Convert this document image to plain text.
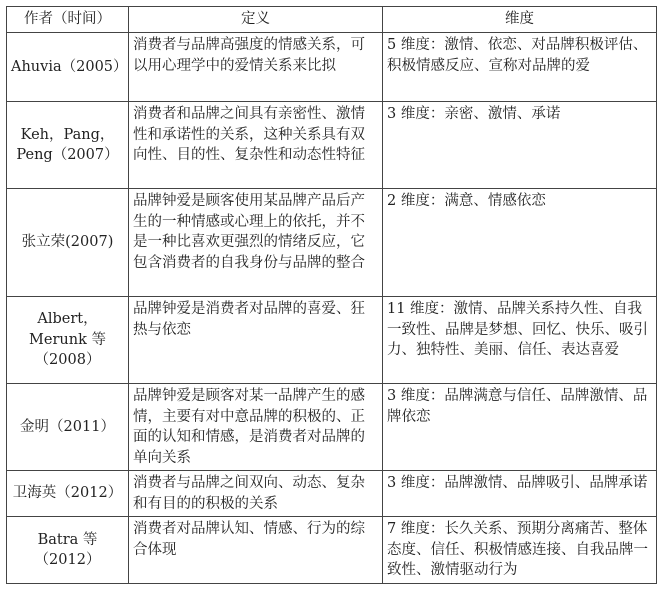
作者（时间）	定义	维度
Ahuvia（2005）	消费者与品牌高强度的情感关系，可以用心理学中的爱情关系来比拟	5 维度：激情、依恋、对品牌积极评估、积极情感反应、宣称对品牌的爱
Keh，Pang，Peng（2007）	消费者和品牌之间具有亲密性、激情性和承诺性的关系，这种关系具有双向性、目的性、复杂性和动态性特征	3 维度：亲密、激情、承诺
张立荣(2007)	品牌钟爱是顾客使用某品牌产品后产生的一种情感或心理上的依托，并不是一种比喜欢更强烈的情绪反应，它包含消费者的自我身份与品牌的整合	2 维度：满意、情感依恋
Albert，Merunk 等（2008）	品牌钟爱是消费者对品牌的喜爱、狂热与依恋	11 维度：激情、品牌关系持久性、自我一致性、品牌是梦想、回忆、快乐、吸引力、独特性、美丽、信任、表达喜爱
金明（2011）	品牌钟爱是顾客对某一品牌产生的感情，主要有对中意品牌的积极的、正面的认知和情感，是消费者对品牌的单向关系	3 维度：品牌满意与信任、品牌激情、品牌依恋
卫海英（2012）	消费者与品牌之间双向、动态、复杂和有目的的积极的关系	3 维度：品牌激情、品牌吸引、品牌承诺
Batra 等（2012）	消费者对品牌认知、情感、行为的综合体现	7 维度：长久关系、预期分离痛苦、整体态度、信任、积极情感连接、自我品牌一致性、激情驱动行为
